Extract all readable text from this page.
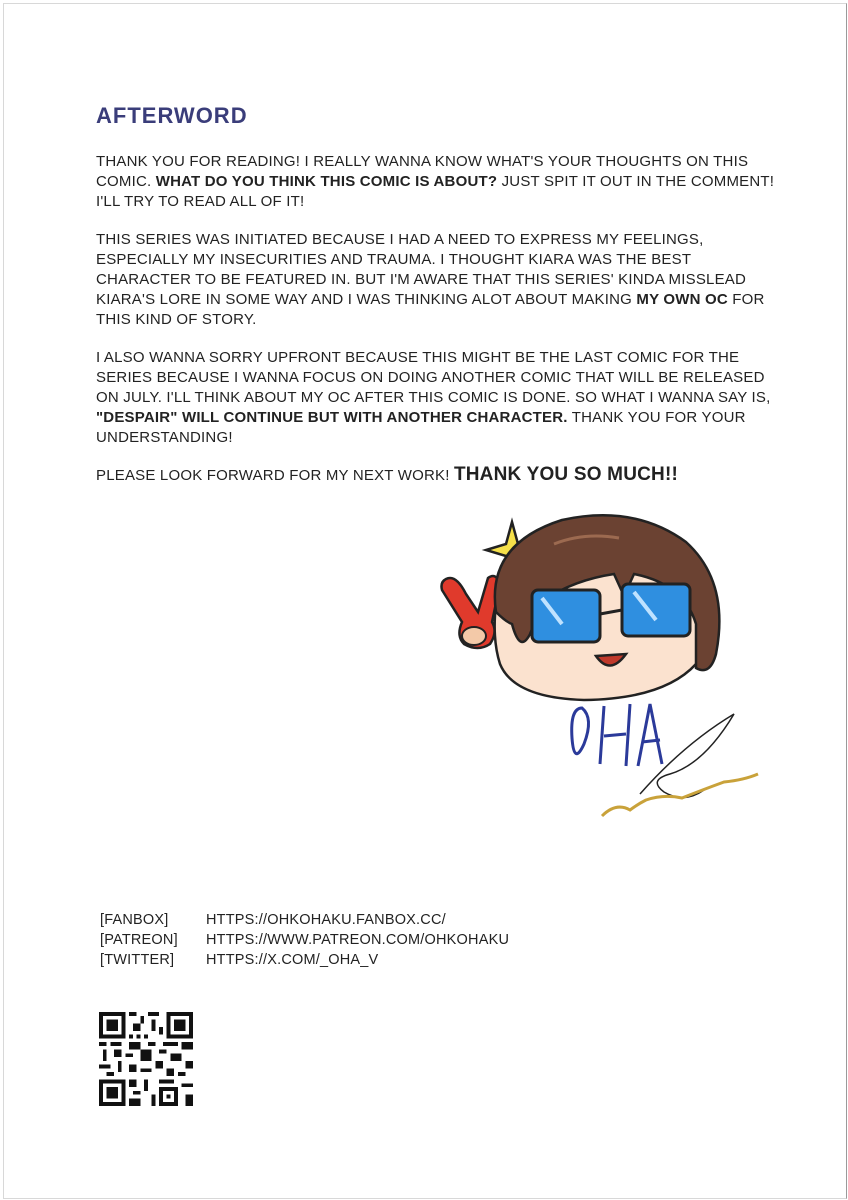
AFTERWORD

THANK YOU FOR READING! I REALLY WANNA KNOW WHAT'S YOUR THOUGHTS ON THIS COMIC. WHAT DO YOU THINK THIS COMIC IS ABOUT? JUST SPIT IT OUT IN THE COMMENT! I'LL TRY TO READ ALL OF IT!

THIS SERIES WAS INITIATED BECAUSE I HAD A NEED TO EXPRESS MY FEELINGS, ESPECIALLY MY INSECURITIES AND TRAUMA. I THOUGHT KIARA WAS THE BEST CHARACTER TO BE FEATURED IN. BUT I'M AWARE THAT THIS SERIES' KINDA MISSLEAD KIARA'S LORE IN SOME WAY AND I WAS THINKING ALOT ABOUT MAKING MY OWN OC FOR THIS KIND OF STORY.

I ALSO WANNA SORRY UPFRONT BECAUSE THIS MIGHT BE THE LAST COMIC FOR THE SERIES BECAUSE I WANNA FOCUS ON DOING ANOTHER COMIC THAT WILL BE RELEASED ON JULY. I'LL THINK ABOUT MY OC AFTER THIS COMIC IS DONE. SO WHAT I WANNA SAY IS, "DESPAIR" WILL CONTINUE BUT WITH ANOTHER CHARACTER. THANK YOU FOR YOUR UNDERSTANDING!

PLEASE LOOK FORWARD FOR MY NEXT WORK! THANK YOU SO MUCH!!

[FANBOX]	HTTPS://OHKOHAKU.FANBOX.CC/
[PATREON]	HTTPS://WWW.PATREON.COM/OHKOHAKU
[TWITTER]	HTTPS://X.COM/_OHA_V
